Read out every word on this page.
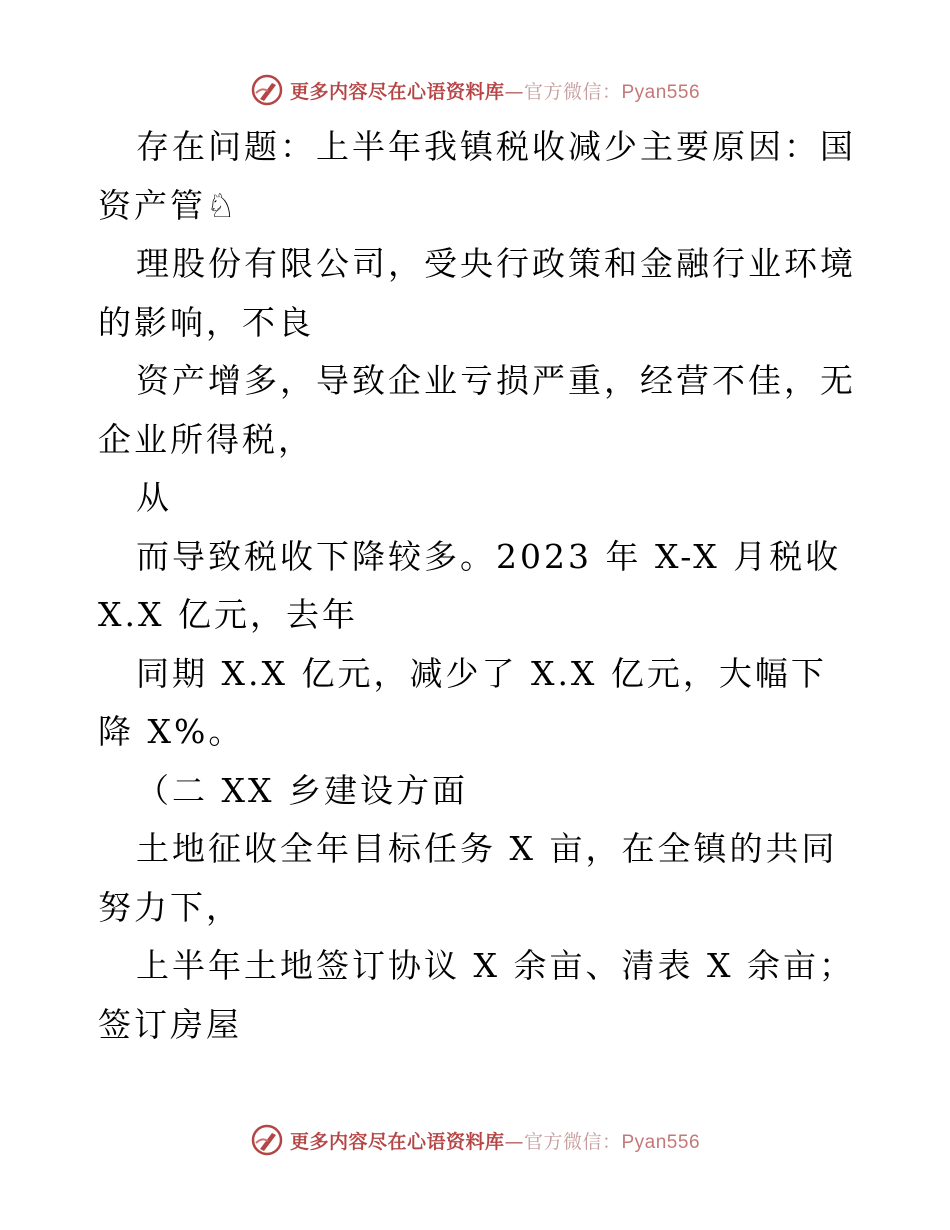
更多内容尽在心语资料库—官方微信：Pyan556

存在问题：上半年我镇税收减少主要原因：国资产管♘

理股份有限公司，受央行政策和金融行业环境的影响，不良

资产增多，导致企业亏损严重，经营不佳，无企业所得税，

从

而导致税收下降较多。2023 年 X-X 月税收 X.X 亿元，去年

同期 X.X 亿元，减少了 X.X 亿元，大幅下降 X%。

（二 XX 乡建设方面

土地征收全年目标任务 X 亩，在全镇的共同努力下，

上半年土地签订协议 X 余亩、清表 X 余亩；签订房屋

更多内容尽在心语资料库—官方微信：Pyan556
